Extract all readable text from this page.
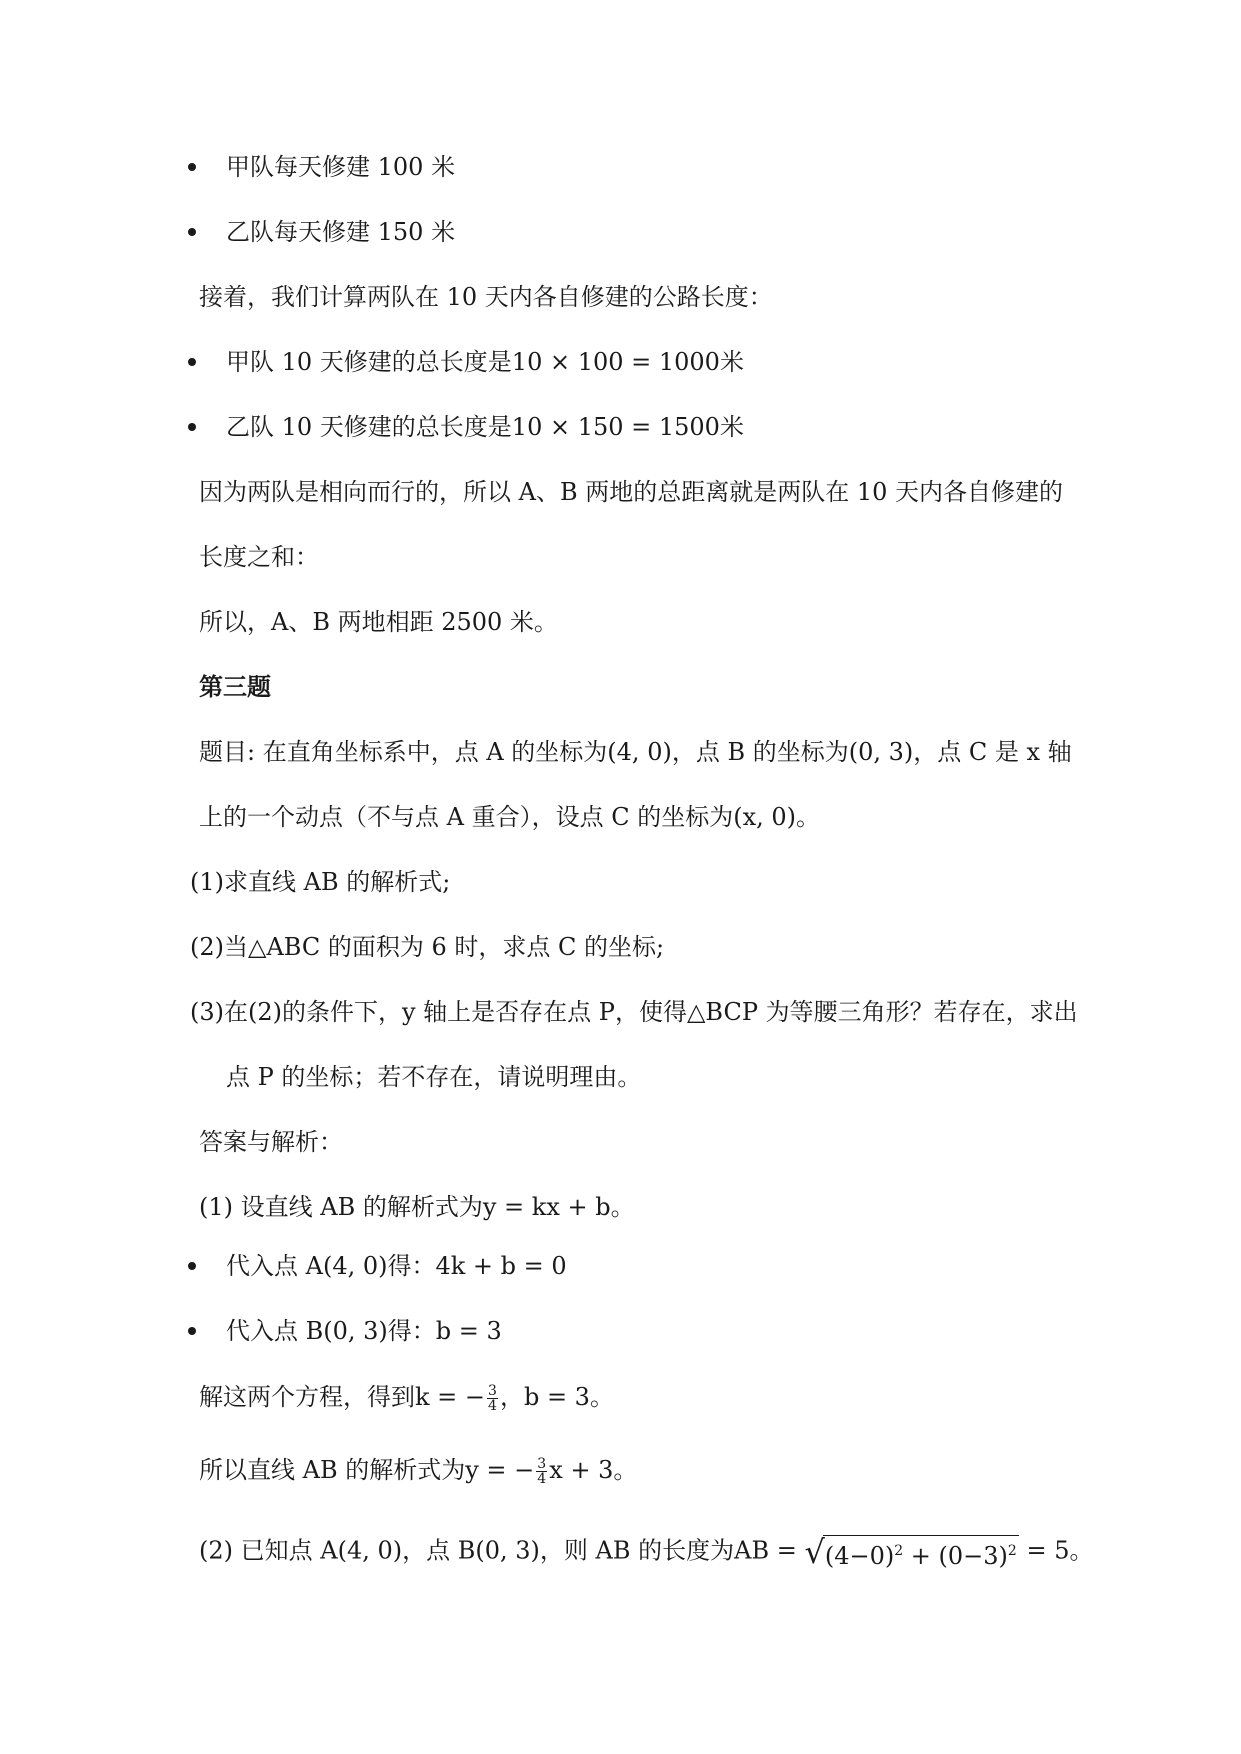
甲队每天修建 100 米
乙队每天修建 150 米
接着，我们计算两队在 10 天内各自修建的公路长度：
甲队 10 天修建的总长度是10 × 100 = 1000米
乙队 10 天修建的总长度是10 × 150 = 1500米
因为两队是相向而行的，所以 A、B 两地的总距离就是两队在 10 天内各自修建的
长度之和：
所以，A、B 两地相距 2500 米。
第三题
题目: 在直角坐标系中，点 A 的坐标为(4, 0)，点 B 的坐标为(0, 3)，点 C 是 x 轴
上的一个动点（不与点 A 重合），设点 C 的坐标为(x, 0)。
(1)求直线 AB 的解析式;
(2)当△ABC 的面积为 6 时，求点 C 的坐标;
(3)在(2)的条件下，y 轴上是否存在点 P，使得△BCP 为等腰三角形？若存在，求出
点 P 的坐标；若不存在，请说明理由。
答案与解析：
(1) 设直线 AB 的解析式为y = kx + b。
代入点 A(4, 0)得：4k + b = 0
代入点 B(0, 3)得：b = 3
解这两个方程，得到k = − $\frac{3}{4}$ ，b = 3。
所以直线 AB 的解析式为y = − $\frac{3}{4}$ x + 3。
(2) 已知点 A(4, 0)，点 B(0, 3)，则 AB 的长度为AB = $√(4-0)^2 + (0-3)^2 = 5$。
